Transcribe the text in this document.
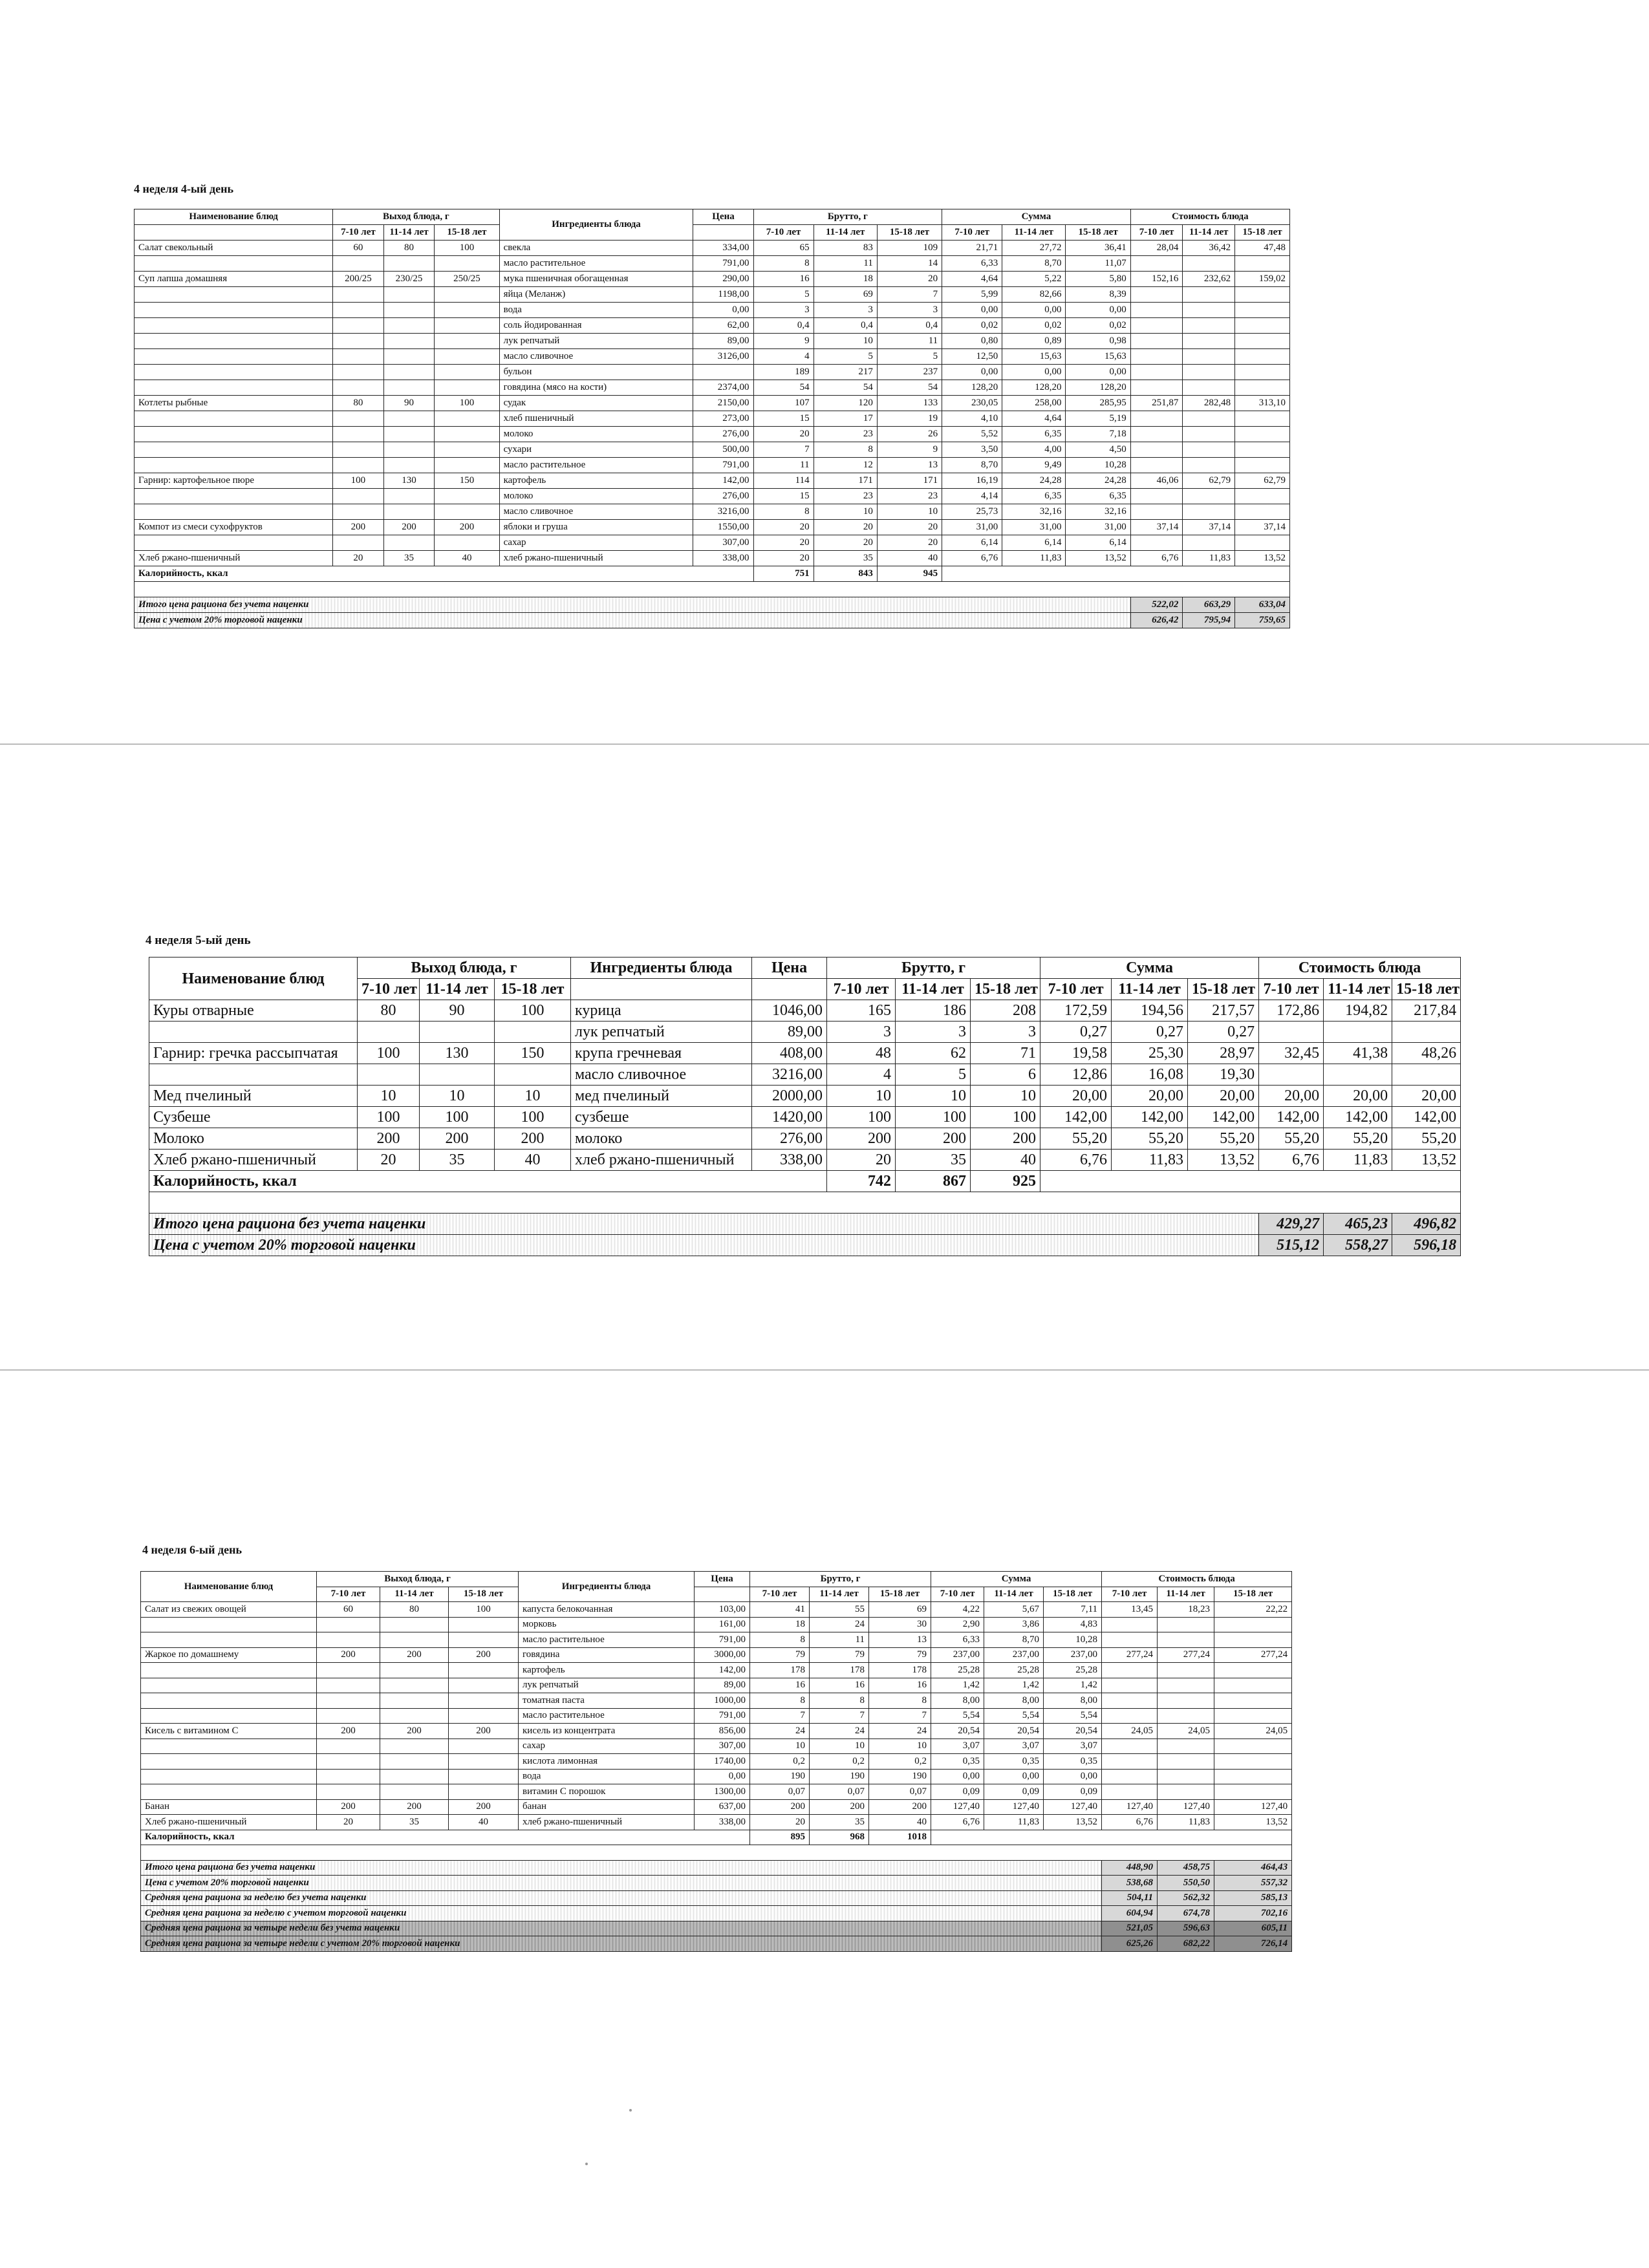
4 неделя 4-ый день
Наименование блюд	Выход блюда, г			Ингредиенты блюда	Цена	Брутто, г			Сумма			Стоимость блюда		
	7-10 лет	11-14 лет	15-18 лет			7-10 лет	11-14 лет	15-18 лет	7-10 лет	11-14 лет	15-18 лет	7-10 лет	11-14 лет	15-18 лет
Салат свекольный	60	80	100	свекла	334,00	65	83	109	21,71	27,72	36,41	28,04	36,42	47,48
				масло растительное	791,00	8	11	14	6,33	8,70	11,07			
Суп лапша домашняя	200/25	230/25	250/25	мука пшеничная обогащенная	290,00	16	18	20	4,64	5,22	5,80	152,16	232,62	159,02
				яйца (Меланж)	1198,00	5	69	7	5,99	82,66	8,39			
				вода	0,00	3	3	3	0,00	0,00	0,00			
				соль йодированная	62,00	0,4	0,4	0,4	0,02	0,02	0,02			
				лук репчатый	89,00	9	10	11	0,80	0,89	0,98			
				масло сливочное	3126,00	4	5	5	12,50	15,63	15,63			
				бульон		189	217	237	0,00	0,00	0,00			
				говядина (мясо на кости)	2374,00	54	54	54	128,20	128,20	128,20			
Котлеты рыбные	80	90	100	судак	2150,00	107	120	133	230,05	258,00	285,95	251,87	282,48	313,10
				хлеб пшеничный	273,00	15	17	19	4,10	4,64	5,19			
				молоко	276,00	20	23	26	5,52	6,35	7,18			
				сухари	500,00	7	8	9	3,50	4,00	4,50			
				масло растительное	791,00	11	12	13	8,70	9,49	10,28			
Гарнир: картофельное пюре	100	130	150	картофель	142,00	114	171	171	16,19	24,28	24,28	46,06	62,79	62,79
				молоко	276,00	15	23	23	4,14	6,35	6,35			
				масло сливочное	3216,00	8	10	10	25,73	32,16	32,16			
Компот из смеси сухофруктов	200	200	200	яблоки и груша	1550,00	20	20	20	31,00	31,00	31,00	37,14	37,14	37,14
				сахар	307,00	20	20	20	6,14	6,14	6,14			
Хлеб ржано-пшеничный	20	35	40	хлеб ржано-пшеничный	338,00	20	35	40	6,76	11,83	13,52	6,76	11,83	13,52
Калорийность, ккал						751	843	945						

Итого цена рациона без учета наценки												522,02	663,29	633,04
Цена с учетом 20% торговой наценки												626,42	795,94	759,65
4 неделя 5-ый день
Наименование блюд	Выход блюда, г			Ингредиенты блюда	Цена	Брутто, г			Сумма			Стоимость блюда		
	7-10 лет	11-14 лет	15-18 лет			7-10 лет	11-14 лет	15-18 лет	7-10 лет	11-14 лет	15-18 лет	7-10 лет	11-14 лет	15-18 лет
Куры отварные	80	90	100	курица	1046,00	165	186	208	172,59	194,56	217,57	172,86	194,82	217,84
				лук репчатый	89,00	3	3	3	0,27	0,27	0,27			
Гарнир: гречка рассыпчатая	100	130	150	крупа гречневая	408,00	48	62	71	19,58	25,30	28,97	32,45	41,38	48,26
				масло сливочное	3216,00	4	5	6	12,86	16,08	19,30			
Мед пчелиный	10	10	10	мед пчелиный	2000,00	10	10	10	20,00	20,00	20,00	20,00	20,00	20,00
Сузбеше	100	100	100	сузбеше	1420,00	100	100	100	142,00	142,00	142,00	142,00	142,00	142,00
Молоко	200	200	200	молоко	276,00	200	200	200	55,20	55,20	55,20	55,20	55,20	55,20
Хлеб ржано-пшеничный	20	35	40	хлеб ржано-пшеничный	338,00	20	35	40	6,76	11,83	13,52	6,76	11,83	13,52
Калорийность, ккал						742	867	925						

Итого цена рациона без учета наценки												429,27	465,23	496,82
Цена с учетом 20% торговой наценки												515,12	558,27	596,18
4 неделя 6-ый день
Наименование блюд	Выход блюда, г			Ингредиенты блюда	Цена	Брутто, г			Сумма			Стоимость блюда		
	7-10 лет	11-14 лет	15-18 лет			7-10 лет	11-14 лет	15-18 лет	7-10 лет	11-14 лет	15-18 лет	7-10 лет	11-14 лет	15-18 лет
Салат из свежих овощей	60	80	100	капуста белокочанная	103,00	41	55	69	4,22	5,67	7,11	13,45	18,23	22,22
				морковь	161,00	18	24	30	2,90	3,86	4,83			
				масло растительное	791,00	8	11	13	6,33	8,70	10,28			
Жаркое по домашнему	200	200	200	говядина	3000,00	79	79	79	237,00	237,00	237,00	277,24	277,24	277,24
				картофель	142,00	178	178	178	25,28	25,28	25,28			
				лук репчатый	89,00	16	16	16	1,42	1,42	1,42			
				томатная паста	1000,00	8	8	8	8,00	8,00	8,00			
				масло растительное	791,00	7	7	7	5,54	5,54	5,54			
Кисель с витамином С	200	200	200	кисель из концентрата	856,00	24	24	24	20,54	20,54	20,54	24,05	24,05	24,05
				сахар	307,00	10	10	10	3,07	3,07	3,07			
				кислота лимонная	1740,00	0,2	0,2	0,2	0,35	0,35	0,35			
				вода	0,00	190	190	190	0,00	0,00	0,00			
				витамин С порошок	1300,00	0,07	0,07	0,07	0,09	0,09	0,09			
Банан	200	200	200	банан	637,00	200	200	200	127,40	127,40	127,40	127,40	127,40	127,40
Хлеб ржано-пшеничный	20	35	40	хлеб ржано-пшеничный	338,00	20	35	40	6,76	11,83	13,52	6,76	11,83	13,52
Калорийность, ккал						895	968	1018						

Итого цена рациона без учета наценки												448,90	458,75	464,43
Цена с учетом 20% торговой наценки												538,68	550,50	557,32
Средняя цена рациона за неделю без учета наценки												504,11	562,32	585,13
Средняя цена рациона за неделю с учетом торговой наценки												604,94	674,78	702,16
Средняя цена рациона за четыре недели без учета наценки												521,05	596,63	605,11
Средняя цена рациона за четыре недели с учетом 20% торговой наценки												625,26	682,22	726,14
